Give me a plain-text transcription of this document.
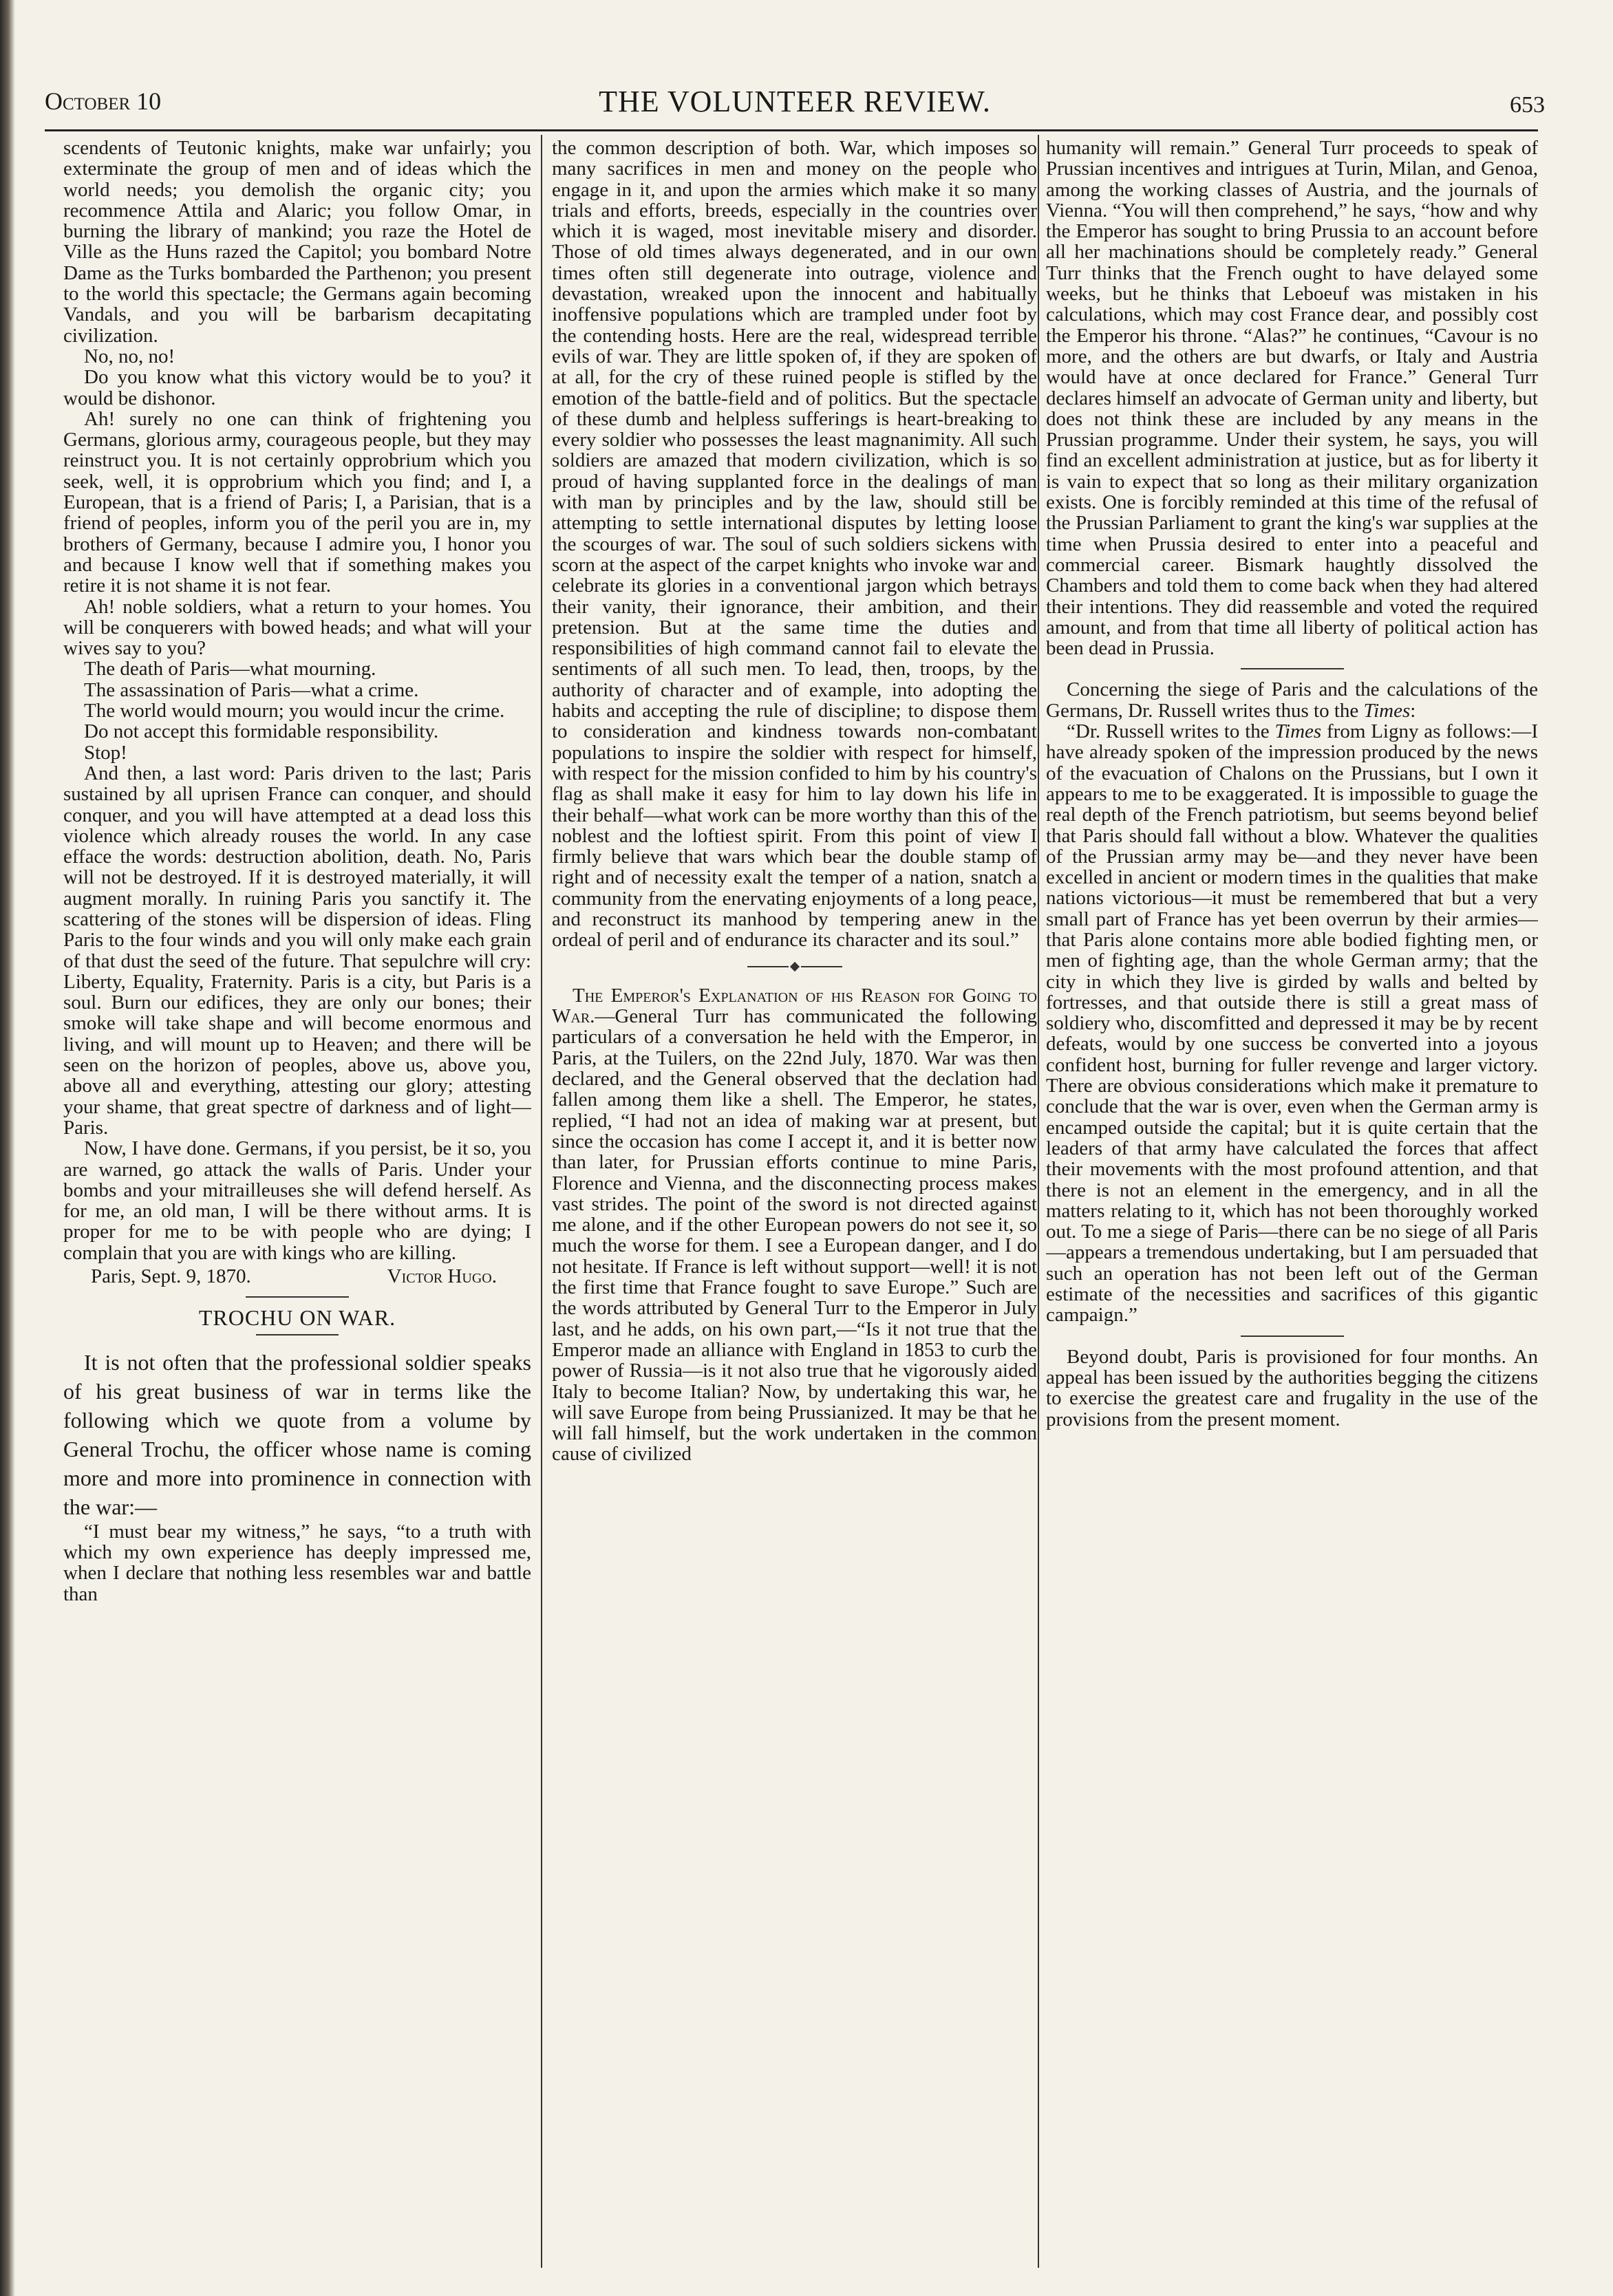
October 10	THE VOLUNTEER REVIEW.	653

scendents of Teutonic knights, make war unfairly; you exterminate the group of men and of ideas which the world needs; you demolish the organic city; you recommence Attila and Alaric; you follow Omar, in burning the library of mankind; you raze the Hotel de Ville as the Huns razed the Capitol; you bombard Notre Dame as the Turks bombarded the Parthenon; you present to the world this spectacle; the Germans again becoming Vandals, and you will be barbarism decapitating civilization.

No, no, no!

Do you know what this victory would be to you? it would be dishonor.

Ah! surely no one can think of frightening you Germans, glorious army, courageous people, but they may reinstruct you. It is not certainly opprobrium which you seek, well, it is opprobrium which you find; and I, a European, that is a friend of Paris; I, a Parisian, that is a friend of peoples, inform you of the peril you are in, my brothers of Germany, because I admire you, I honor you and because I know well that if something makes you retire it is not shame it is not fear.

Ah! noble soldiers, what a return to your homes. You will be conquerers with bowed heads; and what will your wives say to you?

The death of Paris—what mourning.

The assassination of Paris—what a crime.

The world would mourn; you would incur the crime.

Do not accept this formidable responsibility.

Stop!

And then, a last word: Paris driven to the last; Paris sustained by all uprisen France can conquer, and should conquer, and you will have attempted at a dead loss this violence which already rouses the world. In any case efface the words: destruction abolition, death. No, Paris will not be destroyed. If it is destroyed materially, it will augment morally. In ruining Paris you sanctify it. The scattering of the stones will be dispersion of ideas. Fling Paris to the four winds and you will only make each grain of that dust the seed of the future. That sepulchre will cry: Liberty, Equality, Fraternity. Paris is a city, but Paris is a soul. Burn our edifices, they are only our bones; their smoke will take shape and will become enormous and living, and will mount up to Heaven; and there will be seen on the horizon of peoples, above us, above you, above all and everything, attesting our glory; attesting your shame, that great spectre of darkness and of light—Paris.

Now, I have done. Germans, if you persist, be it so, you are warned, go attack the walls of Paris. Under your bombs and your mitrailleuses she will defend herself. As for me, an old man, I will be there without arms. It is proper for me to be with people who are dying; I complain that you are with kings who are killing.

Paris, Sept. 9, 1870.	Victor Hugo.
TROCHU ON WAR.

It is not often that the professional soldier speaks of his great business of war in terms like the following which we quote from a volume by General Trochu, the officer whose name is coming more and more into prominence in connection with the war:—

“I must bear my witness,” he says, “to a truth with which my own experience has deeply impressed me, when I declare that nothing less resembles war and battle than

the common description of both. War, which imposes so many sacrifices in men and money on the people who engage in it, and upon the armies which make it so many trials and efforts, breeds, especially in the countries over which it is waged, most inevitable misery and disorder. Those of old times always degenerated, and in our own times often still degenerate into outrage, violence and devastation, wreaked upon the innocent and habitually inoffensive populations which are trampled under foot by the contending hosts. Here are the real, widespread terrible evils of war. They are little spoken of, if they are spoken of at all, for the cry of these ruined people is stifled by the emotion of the battle-field and of politics. But the spectacle of these dumb and helpless sufferings is heart-breaking to every soldier who possesses the least magnanimity. All such soldiers are amazed that modern civilization, which is so proud of having supplanted force in the dealings of man with man by principles and by the law, should still be attempting to settle international disputes by letting loose the scourges of war. The soul of such soldiers sickens with scorn at the aspect of the carpet knights who invoke war and celebrate its glories in a conventional jargon which betrays their vanity, their ignorance, their ambition, and their pretension. But at the same time the duties and responsibilities of high command cannot fail to elevate the sentiments of all such men. To lead, then, troops, by the authority of character and of example, into adopting the habits and accepting the rule of discipline; to dispose them to consideration and kindness towards non-combatant populations to inspire the soldier with respect for himself, with respect for the mission confided to him by his country's flag as shall make it easy for him to lay down his life in their behalf—what work can be more worthy than this of the noblest and the loftiest spirit. From this point of view I firmly believe that wars which bear the double stamp of right and of necessity exalt the temper of a nation, snatch a community from the enervating enjoyments of a long peace, and reconstruct its manhood by tempering anew in the ordeal of peril and of endurance its character and its soul.”

The Emperor's Explanation of his Reason for Going to War.—General Turr has communicated the following particulars of a conversation he held with the Emperor, in Paris, at the Tuilers, on the 22nd July, 1870. War was then declared, and the General observed that the declation had fallen among them like a shell. The Emperor, he states, replied, “I had not an idea of making war at present, but since the occasion has come I accept it, and it is better now than later, for Prussian efforts continue to mine Paris, Florence and Vienna, and the disconnecting process makes vast strides. The point of the sword is not directed against me alone, and if the other European powers do not see it, so much the worse for them. I see a European danger, and I do not hesitate. If France is left without support—well! it is not the first time that France fought to save Europe.” Such are the words attributed by General Turr to the Emperor in July last, and he adds, on his own part,—“Is it not true that the Emperor made an alliance with England in 1853 to curb the power of Russia—is it not also true that he vigorously aided Italy to become Italian? Now, by undertaking this war, he will save Europe from being Prussianized. It may be that he will fall himself, but the work undertaken in the common cause of civilized

humanity will remain.” General Turr proceeds to speak of Prussian incentives and intrigues at Turin, Milan, and Genoa, among the working classes of Austria, and the journals of Vienna. “You will then comprehend,” he says, “how and why the Emperor has sought to bring Prussia to an account before all her machinations should be completely ready.” General Turr thinks that the French ought to have delayed some weeks, but he thinks that Leboeuf was mistaken in his calculations, which may cost France dear, and possibly cost the Emperor his throne. “Alas?” he continues, “Cavour is no more, and the others are but dwarfs, or Italy and Austria would have at once declared for France.” General Turr declares himself an advocate of German unity and liberty, but does not think these are included by any means in the Prussian programme. Under their system, he says, you will find an excellent administration at justice, but as for liberty it is vain to expect that so long as their military organization exists. One is forcibly reminded at this time of the refusal of the Prussian Parliament to grant the king's war supplies at the time when Prussia desired to enter into a peaceful and commercial career. Bismark haughtly dissolved the Chambers and told them to come back when they had altered their intentions. They did reassemble and voted the required amount, and from that time all liberty of political action has been dead in Prussia.

Concerning the siege of Paris and the calculations of the Germans, Dr. Russell writes thus to the Times:

“Dr. Russell writes to the Times from Ligny as follows:—I have already spoken of the impression produced by the news of the evacuation of Chalons on the Prussians, but I own it appears to me to be exaggerated. It is impossible to guage the real depth of the French patriotism, but seems beyond belief that Paris should fall without a blow. Whatever the qualities of the Prussian army may be—and they never have been excelled in ancient or modern times in the qualities that make nations victorious—it must be remembered that but a very small part of France has yet been overrun by their armies—that Paris alone contains more able bodied fighting men, or men of fighting age, than the whole German army; that the city in which they live is girded by walls and belted by fortresses, and that outside there is still a great mass of soldiery who, discomfitted and depressed it may be by recent defeats, would by one success be converted into a joyous confident host, burning for fuller revenge and larger victory. There are obvious considerations which make it premature to conclude that the war is over, even when the German army is encamped outside the capital; but it is quite certain that the leaders of that army have calculated the forces that affect their movements with the most profound attention, and that there is not an element in the emergency, and in all the matters relating to it, which has not been thoroughly worked out. To me a siege of Paris—there can be no siege of all Paris—appears a tremendous undertaking, but I am persuaded that such an operation has not been left out of the German estimate of the necessities and sacrifices of this gigantic campaign.”

Beyond doubt, Paris is provisioned for four months. An appeal has been issued by the authorities begging the citizens to exercise the greatest care and frugality in the use of the provisions from the present moment.
